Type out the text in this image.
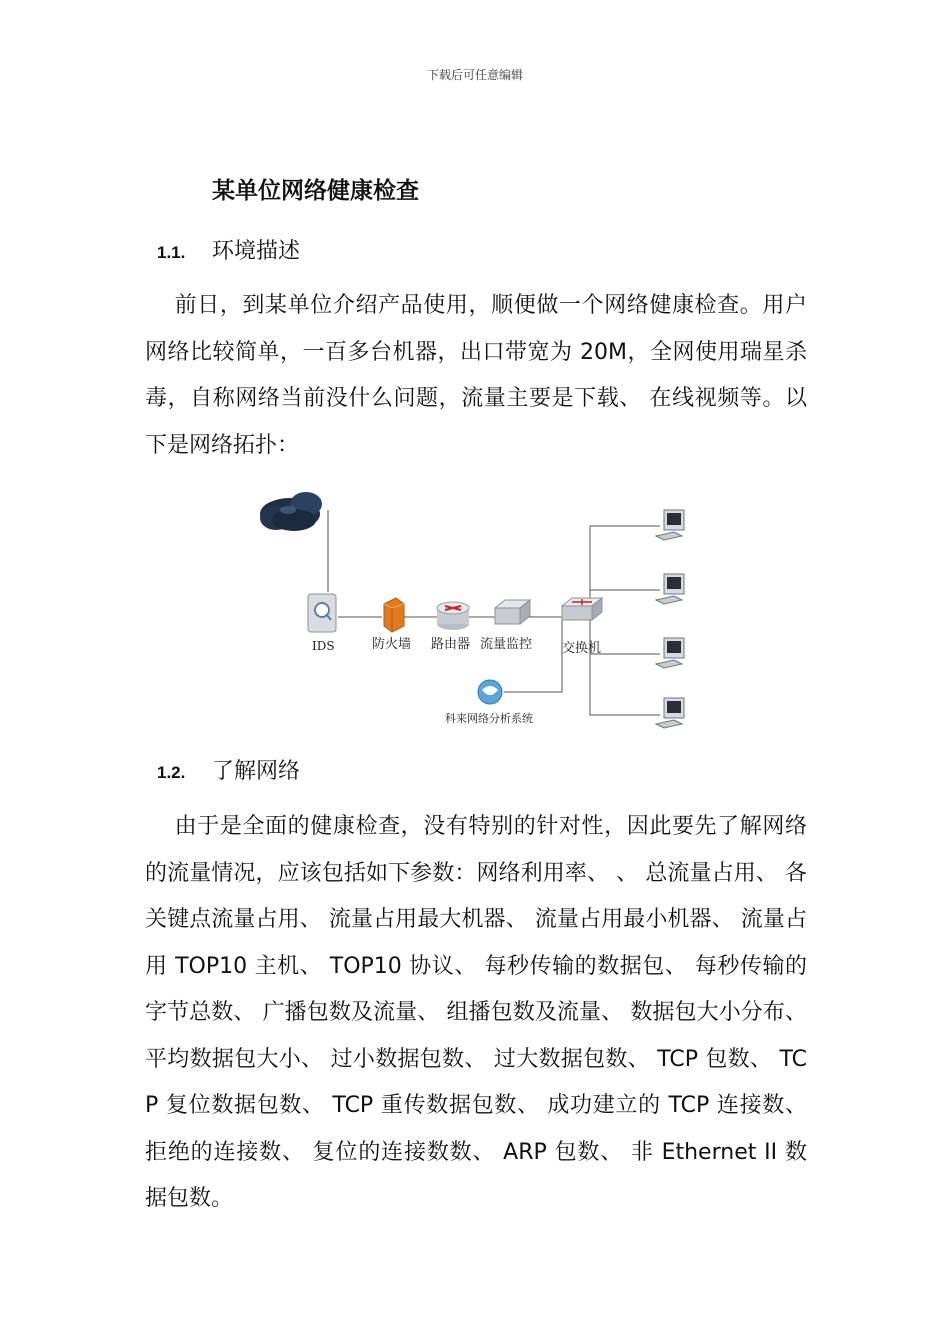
下载后可任意编辑
某单位网络健康检查
1.1. 环境描述
前日，到某单位介绍产品使用，顺便做一个网络健康检查。用户网络比较简单，一百多台机器，出口带宽为 20M，全网使用瑞星杀毒，自称网络当前没什么问题，流量主要是下载、 在线视频等。以下是网络拓扑：
IDS	防火墙 路由器 流量监控 交换机
科来网络分析系统
1.2. 了解网络
由于是全面的健康检查，没有特别的针对性，因此要先了解网络的流量情况，应该包括如下参数：网络利用率、 、 总流量占用、 各关键点流量占用、 流量占用最大机器、 流量占用最小机器、 流量占用 TOP10 主机、 TOP10 协议、 每秒传输的数据包、 每秒传输的字节总数、 广播包数及流量、 组播包数及流量、 数据包大小分布、 平均数据包大小、 过小数据包数、 过大数据包数、 TCP 包数、 TCP 复位数据包数、 TCP 重传数据包数、 成功建立的 TCP 连接数、 拒绝的连接数、 复位的连接数数、 ARP 包数、 非 Ethernet II 数据包数。
